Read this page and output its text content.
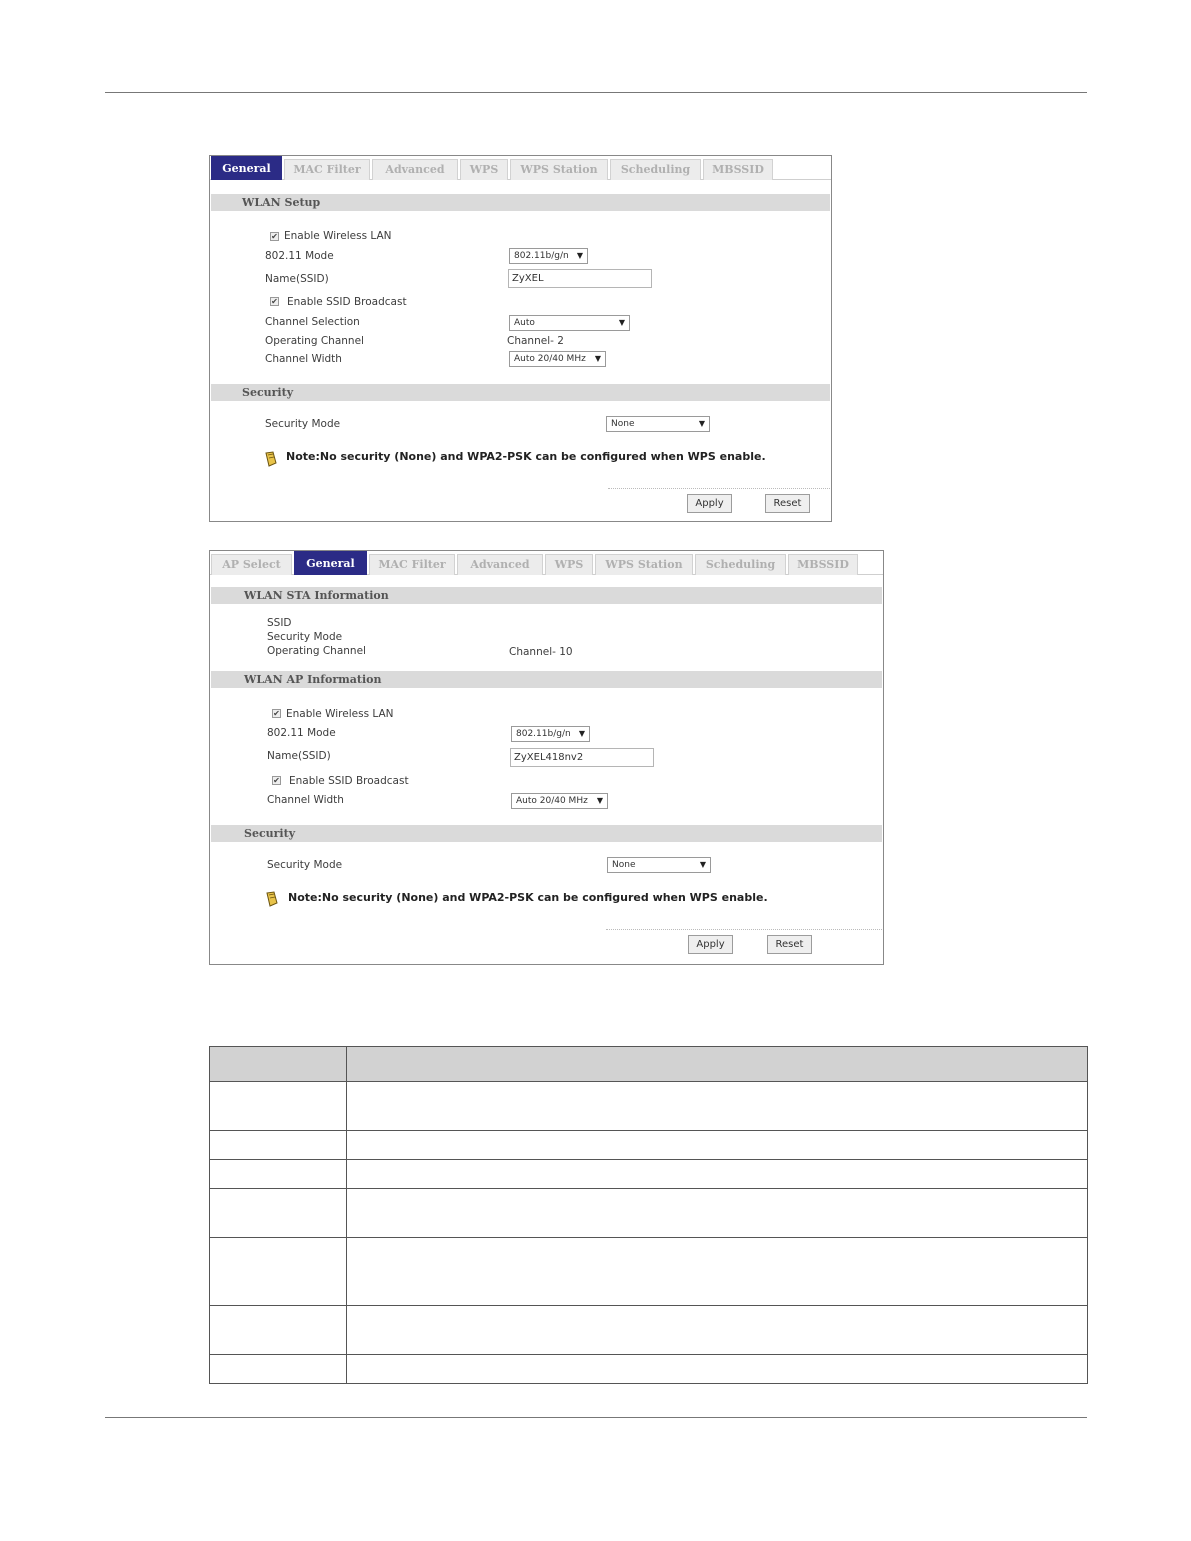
General	MAC Filter	Advanced	WPS	WPS Station	Scheduling	MBSSID
WLAN Setup
✔ Enable Wireless LAN
802.11 Mode	802.11b/g/n ▼
Name(SSID)	ZyXEL
✔ Enable SSID Broadcast
Channel Selection	Auto	▼
Operating Channel	Channel- 2
Channel Width	Auto 20/40 MHz ▼
Security
Security Mode	None	▼
Note:No security (None) and WPA2-PSK can be configured when WPS enable.
Apply	Reset
AP Select	General	MAC Filter	Advanced	WPS	WPS Station	Scheduling	MBSSID
WLAN STA Information
SSID
Security Mode
Operating Channel	Channel- 10
WLAN AP Information
✔ Enable Wireless LAN
802.11 Mode	802.11b/g/n ▼
Name(SSID)	ZyXEL418nv2
✔ Enable SSID Broadcast
Channel Width	Auto 20/40 MHz ▼
Security
Security Mode	None	▼
Note:No security (None) and WPA2-PSK can be configured when WPS enable.
Apply	Reset
